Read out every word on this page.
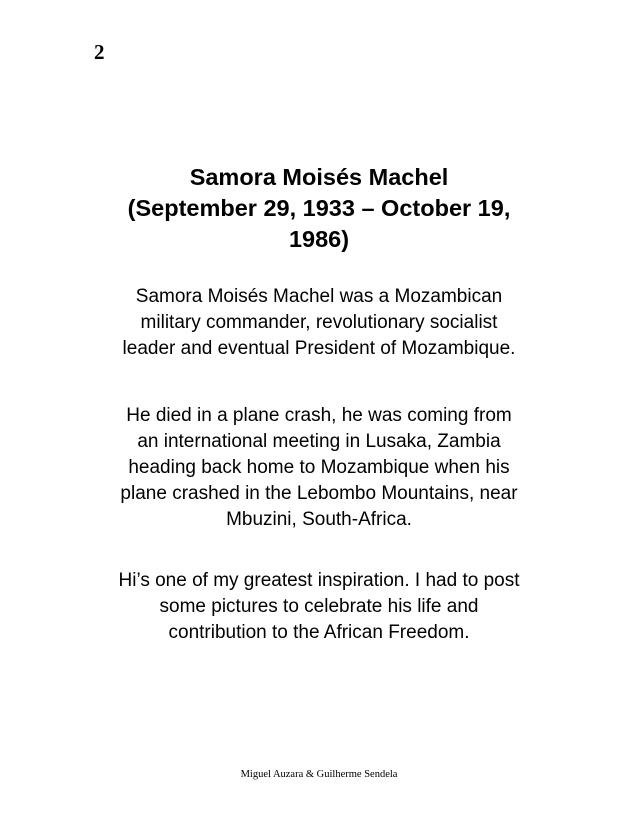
2
Samora Moisés Machel
(September 29, 1933 – October 19,
1986)

Samora Moisés Machel was a Mozambican
military commander, revolutionary socialist
leader and eventual President of Mozambique.

He died in a plane crash, he was coming from
an international meeting in Lusaka, Zambia
heading back home to Mozambique when his
plane crashed in the Lebombo Mountains, near
Mbuzini, South-Africa.

Hi’s one of my greatest inspiration. I had to post
some pictures to celebrate his life and
contribution to the African Freedom.

Miguel Auzara & Guilherme Sendela
